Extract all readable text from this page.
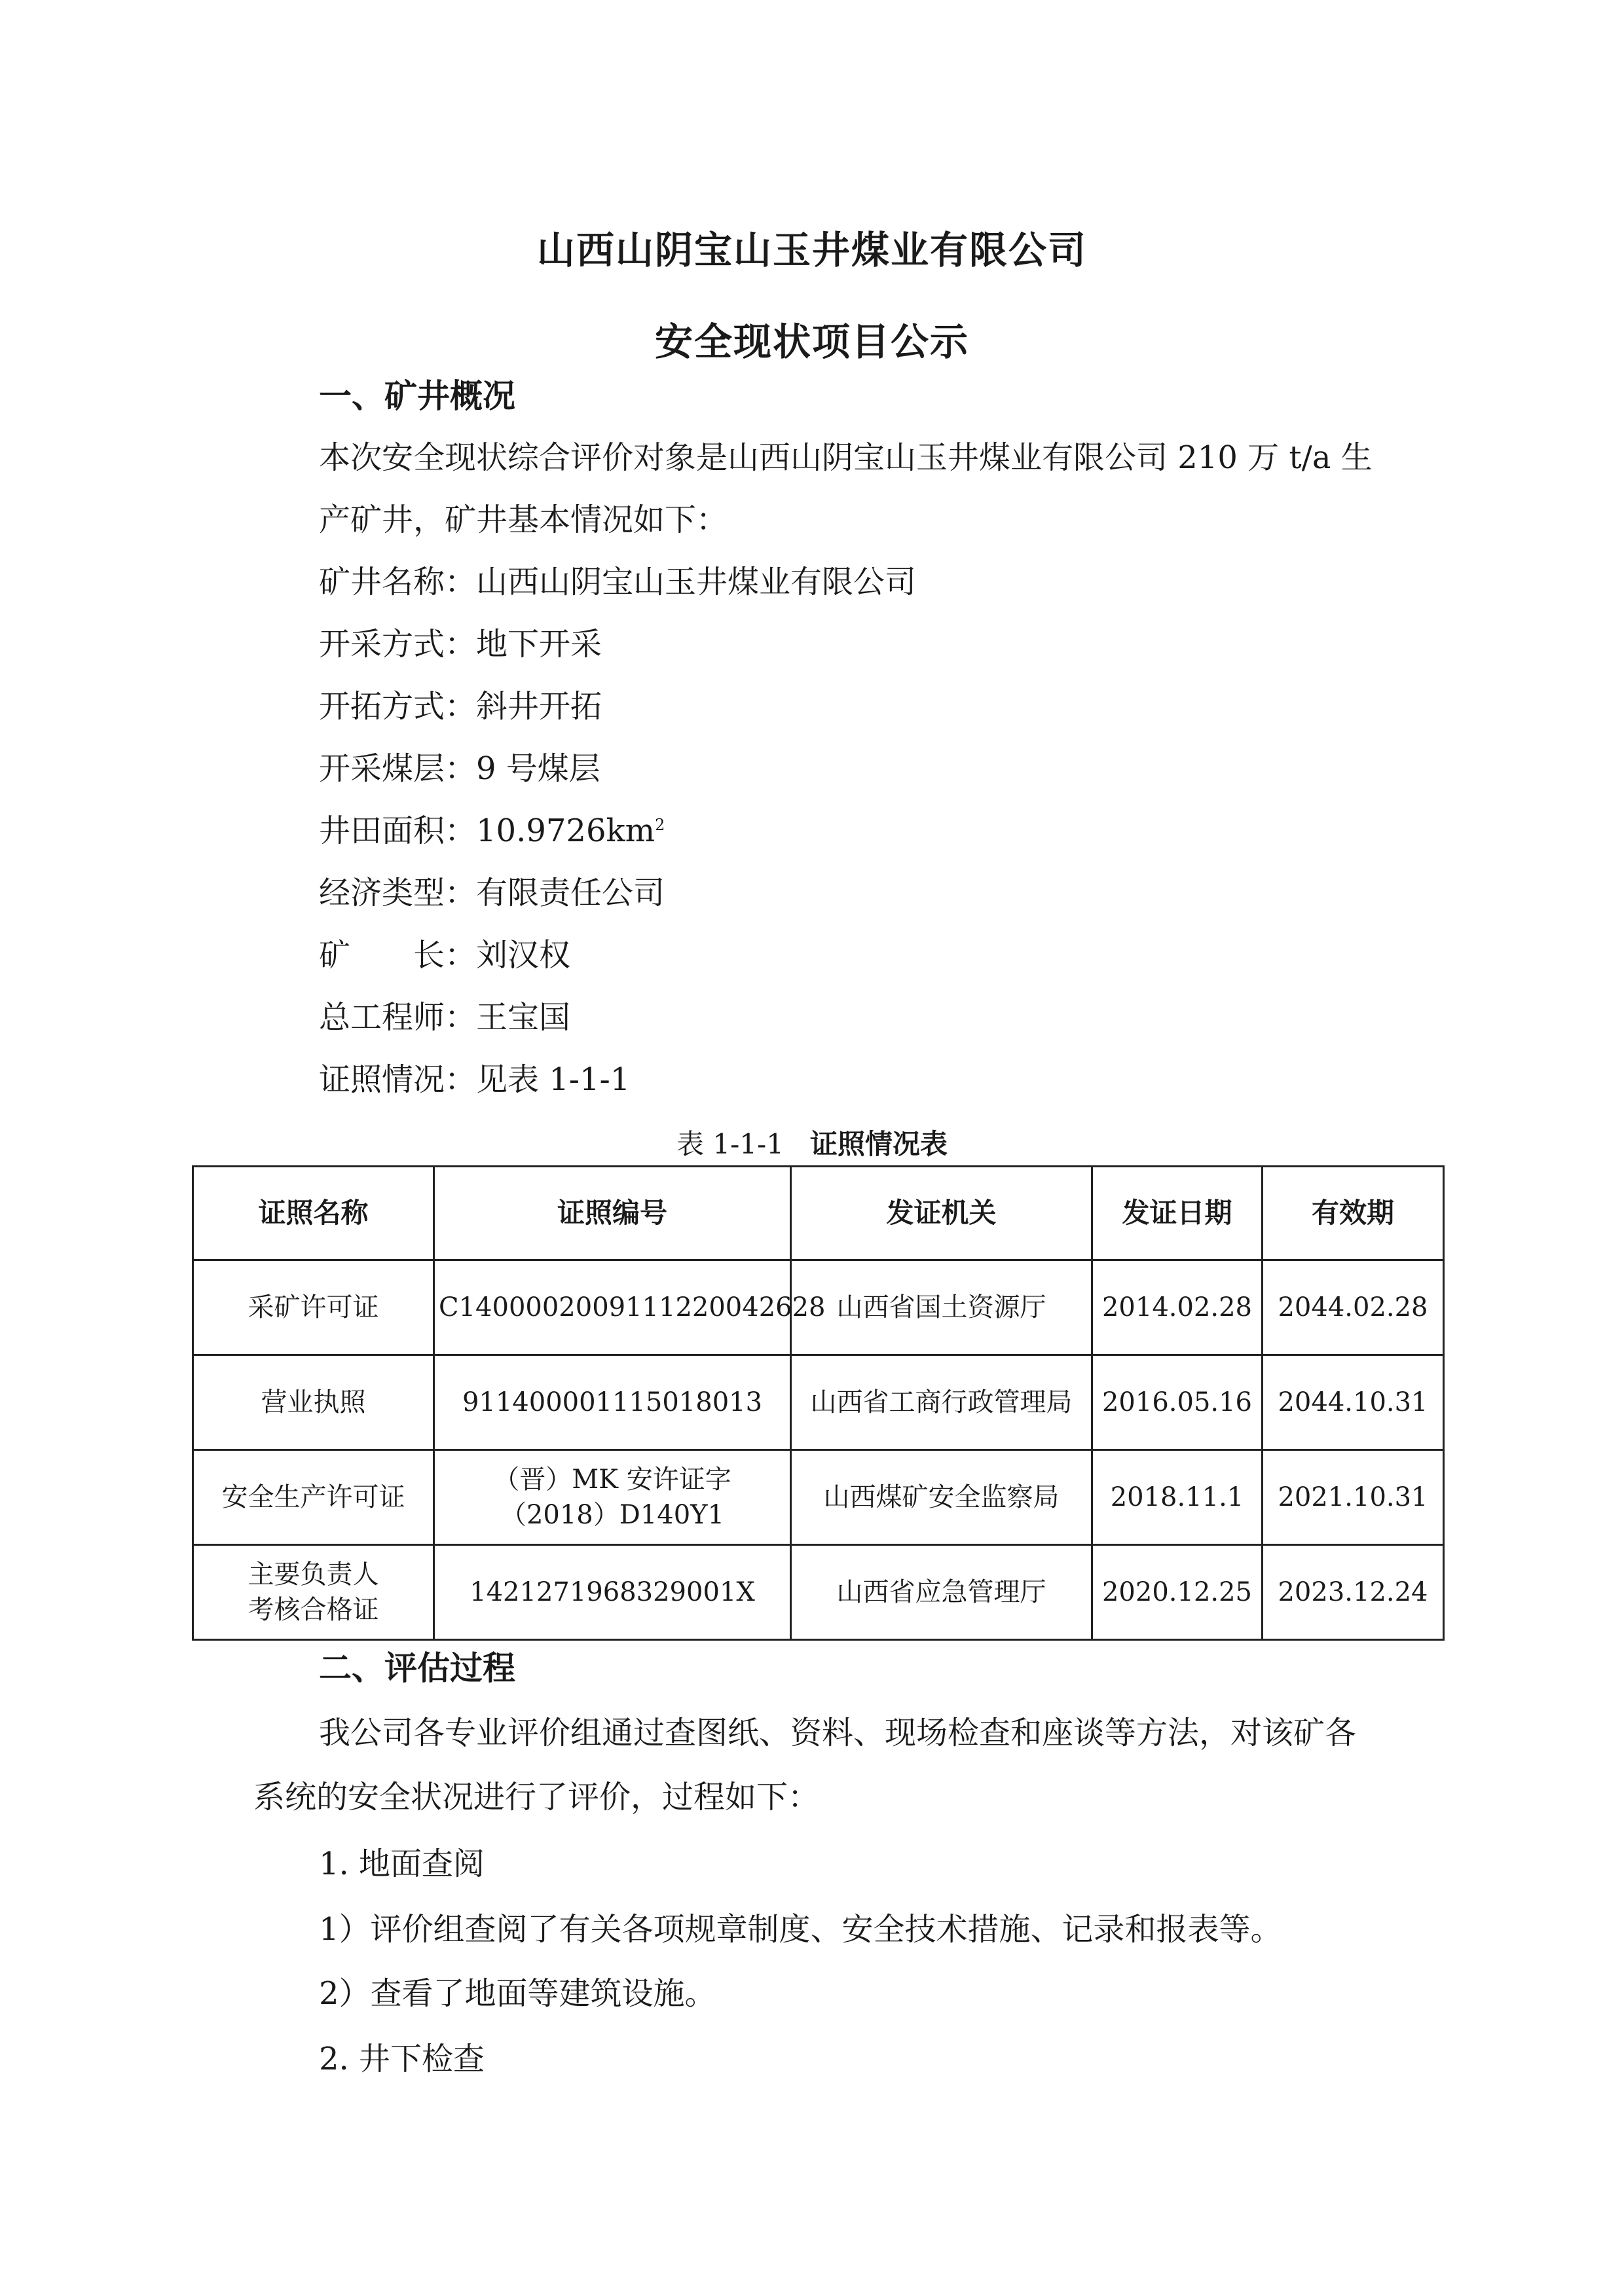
山西山阴宝山玉井煤业有限公司
安全现状项目公示

一、矿井概况

本次安全现状综合评价对象是山西山阴宝山玉井煤业有限公司 210 万 t/a 生

产矿井，矿井基本情况如下：

矿井名称：山西山阴宝山玉井煤业有限公司

开采方式：地下开采

开拓方式：斜井开拓

开采煤层：9 号煤层

井田面积：$10.9726km^2$

经济类型：有限责任公司

矿　　长：刘汉权

总工程师：王宝国

证照情况：见表 1-1-1

表 1-1-1 证照情况表
证照名称	证照编号	发证机关	发证日期	有效期
采矿许可证	C1400002009111220042628	山西省国土资源厅	2014.02.28	2044.02.28
营业执照	911400001115018013	山西省工商行政管理局	2016.05.16	2044.10.31
安全生产许可证	（晋）MK 安许证字
（2018）D140Y1	山西煤矿安全监察局	2018.11.1	2021.10.31

主要负责人
考核合格证	1421271968329001X	山西省应急管理厅	2020.12.25	2023.12.24

二、评估过程

我公司各专业评价组通过查图纸、资料、现场检查和座谈等方法，对该矿各

系统的安全状况进行了评价，过程如下：

1. 地面查阅

1）评价组查阅了有关各项规章制度、安全技术措施、记录和报表等。

2）查看了地面等建筑设施。

2. 井下检查
